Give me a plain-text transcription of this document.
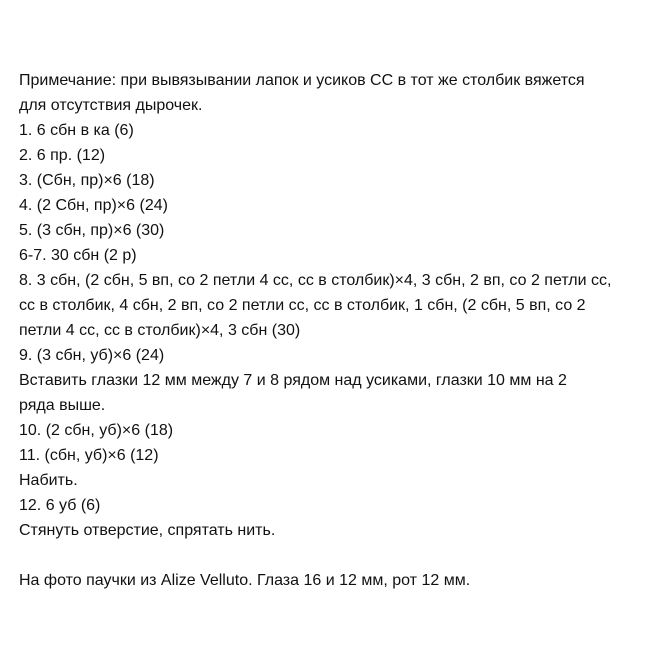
Примечание: при вывязывании лапок и усиков СС в тот же столбик вяжется
для отсутствия дырочек.
1. 6 сбн в ка (6)
2. 6 пр. (12)
3. (Сбн, пр)×6 (18)
4. (2 Сбн, пр)×6 (24)
5. (3 сбн, пр)×6 (30)
6-7. 30 сбн (2 р)
8. 3 сбн, (2 сбн, 5 вп, со 2 петли 4 сс, сс в столбик)×4, 3 сбн, 2 вп, со 2 петли сс,
сс в столбик, 4 сбн, 2 вп, со 2 петли сс, сс в столбик, 1 сбн, (2 сбн, 5 вп, со 2
петли 4 сс, сс в столбик)×4, 3 сбн (30)
9. (3 сбн, уб)×6 (24)
Вставить глазки 12 мм между 7 и 8 рядом над усиками, глазки 10 мм на 2
ряда выше.
10. (2 сбн, уб)×6 (18)
11. (сбн, уб)×6 (12)
Набить.
12. 6 уб (6)
Стянуть отверстие, спрятать нить.
На фото паучки из Alize Velluto. Глаза 16 и 12 мм, рот 12 мм.
